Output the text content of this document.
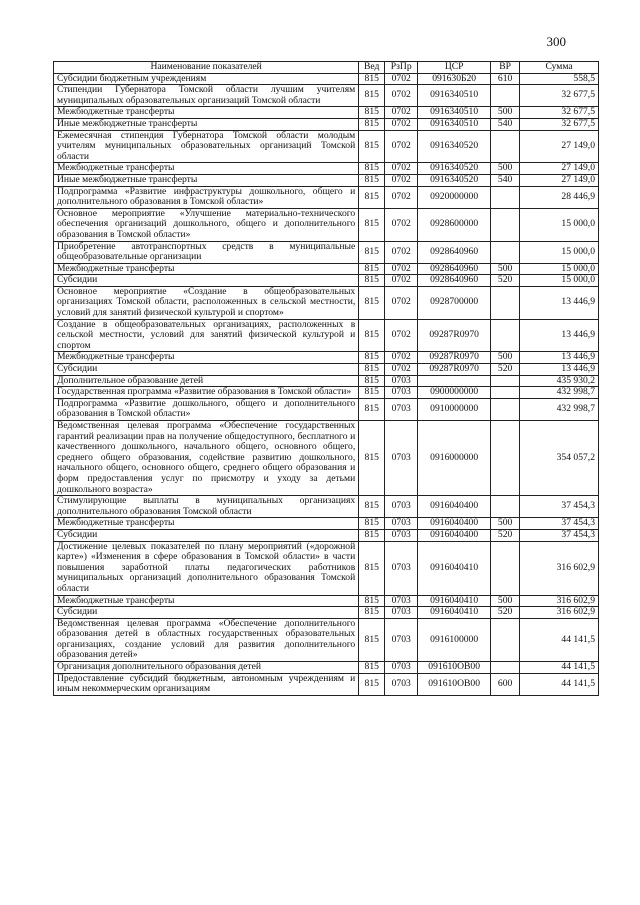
300
Наименование показателей	Вед	РзПр	ЦСР	ВР	Сумма
Субсидии бюджетным учреждениям	815	0702	091630Б20	610	558,5
Стипендии Губернатора Томской области лучшим учителям муниципальных образовательных организаций Томской области	815	0702	0916340510		32 677,5
Межбюджетные трансферты	815	0702	0916340510	500	32 677,5
Иные межбюджетные трансферты	815	0702	0916340510	540	32 677,5
Ежемесячная стипендия Губернатора Томской области молодым учителям муниципальных образовательных организаций Томской области	815	0702	0916340520		27 149,0
Межбюджетные трансферты	815	0702	0916340520	500	27 149,0
Иные межбюджетные трансферты	815	0702	0916340520	540	27 149,0
Подпрограмма «Развитие инфраструктуры дошкольного, общего и дополнительного образования в Томской области»	815	0702	0920000000		28 446,9
Основное мероприятие «Улучшение материально-технического обеспечения организаций дошкольного, общего и дополнительного образования в Томской области»	815	0702	0928600000		15 000,0
Приобретение автотранспортных средств в муниципальные общеобразовательные организации	815	0702	0928640960		15 000,0
Межбюджетные трансферты	815	0702	0928640960	500	15 000,0
Субсидии	815	0702	0928640960	520	15 000,0
Основное мероприятие «Создание в общеобразовательных организациях Томской области, расположенных в сельской местности, условий для занятий физической культурой и спортом»	815	0702	0928700000		13 446,9
Создание в общеобразовательных организациях, расположенных в сельской местности, условий для занятий физической культурой и спортом	815	0702	09287R0970		13 446,9
Межбюджетные трансферты	815	0702	09287R0970	500	13 446,9
Субсидии	815	0702	09287R0970	520	13 446,9
Дополнительное образование детей	815	0703			435 930,2
Государственная программа «Развитие образования в Томской области»	815	0703	0900000000		432 998,7
Подпрограмма «Развитие дошкольного, общего и дополнительного образования в Томской области»	815	0703	0910000000		432 998,7
Ведомственная целевая программа «Обеспечение государственных гарантий реализации прав на получение общедоступного, бесплатного и качественного дошкольного, начального общего, основного общего, среднего общего образования, содействие развитию дошкольного, начального общего, основного общего, среднего общего образования и форм предоставления услуг по присмотру и уходу за детьми дошкольного возраста»	815	0703	0916000000		354 057,2
Стимулирующие выплаты в муниципальных организациях дополнительного образования Томской области	815	0703	0916040400		37 454,3
Межбюджетные трансферты	815	0703	0916040400	500	37 454,3
Субсидии	815	0703	0916040400	520	37 454,3
Достижение целевых показателей по плану мероприятий («дорожной карте») «Изменения в сфере образования в Томской области» в части повышения заработной платы педагогических работников муниципальных организаций дополнительного образования Томской области	815	0703	0916040410		316 602,9
Межбюджетные трансферты	815	0703	0916040410	500	316 602,9
Субсидии	815	0703	0916040410	520	316 602,9
Ведомственная целевая программа «Обеспечение дополнительного образования детей в областных государственных образовательных организациях, создание условий для развития дополнительного образования детей»	815	0703	0916100000		44 141,5
Организация дополнительного образования детей	815	0703	091610ОВ00		44 141,5
Предоставление субсидий бюджетным, автономным учреждениям и иным некоммерческим организациям	815	0703	091610ОВ00	600	44 141,5
